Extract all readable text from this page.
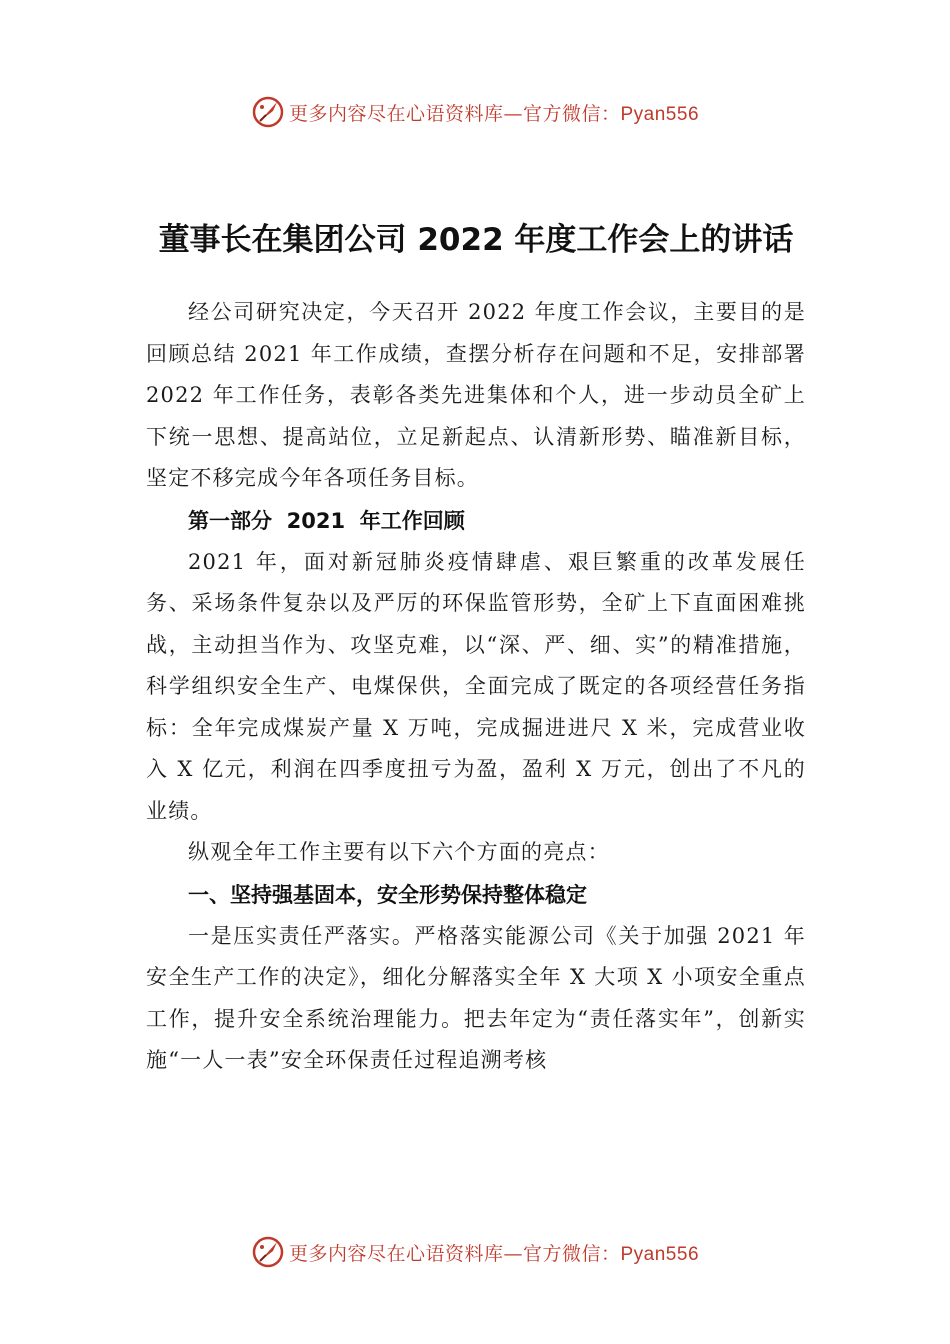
更多内容尽在心语资料库—官方微信：Pyan556
董事长在集团公司 2022 年度工作会上的讲话

经公司研究决定，今天召开 2022 年度工作会议，主要目的是回顾总结 2021 年工作成绩，查摆分析存在问题和不足，安排部署 2022 年工作任务，表彰各类先进集体和个人，进一步动员全矿上下统一思想、提高站位，立足新起点、认清新形势、瞄准新目标，坚定不移完成今年各项任务目标。

第一部分  2021  年工作回顾

2021 年，面对新冠肺炎疫情肆虐、艰巨繁重的改革发展任务、采场条件复杂以及严厉的环保监管形势，全矿上下直面困难挑战，主动担当作为、攻坚克难，以“深、严、细、实”的精准措施，科学组织安全生产、电煤保供，全面完成了既定的各项经营任务指标：全年完成煤炭产量 X 万吨，完成掘进进尺 X 米，完成营业收入 X 亿元，利润在四季度扭亏为盈，盈利 X 万元，创出了不凡的业绩。

纵观全年工作主要有以下六个方面的亮点：

一、坚持强基固本，安全形势保持整体稳定

一是压实责任严落实。严格落实能源公司《关于加强 2021 年安全生产工作的决定》，细化分解落实全年 X 大项 X 小项安全重点工作，提升安全系统治理能力。把去年定为“责任落实年”，创新实施“一人一表”安全环保责任过程追溯考核

更多内容尽在心语资料库—官方微信：Pyan556
